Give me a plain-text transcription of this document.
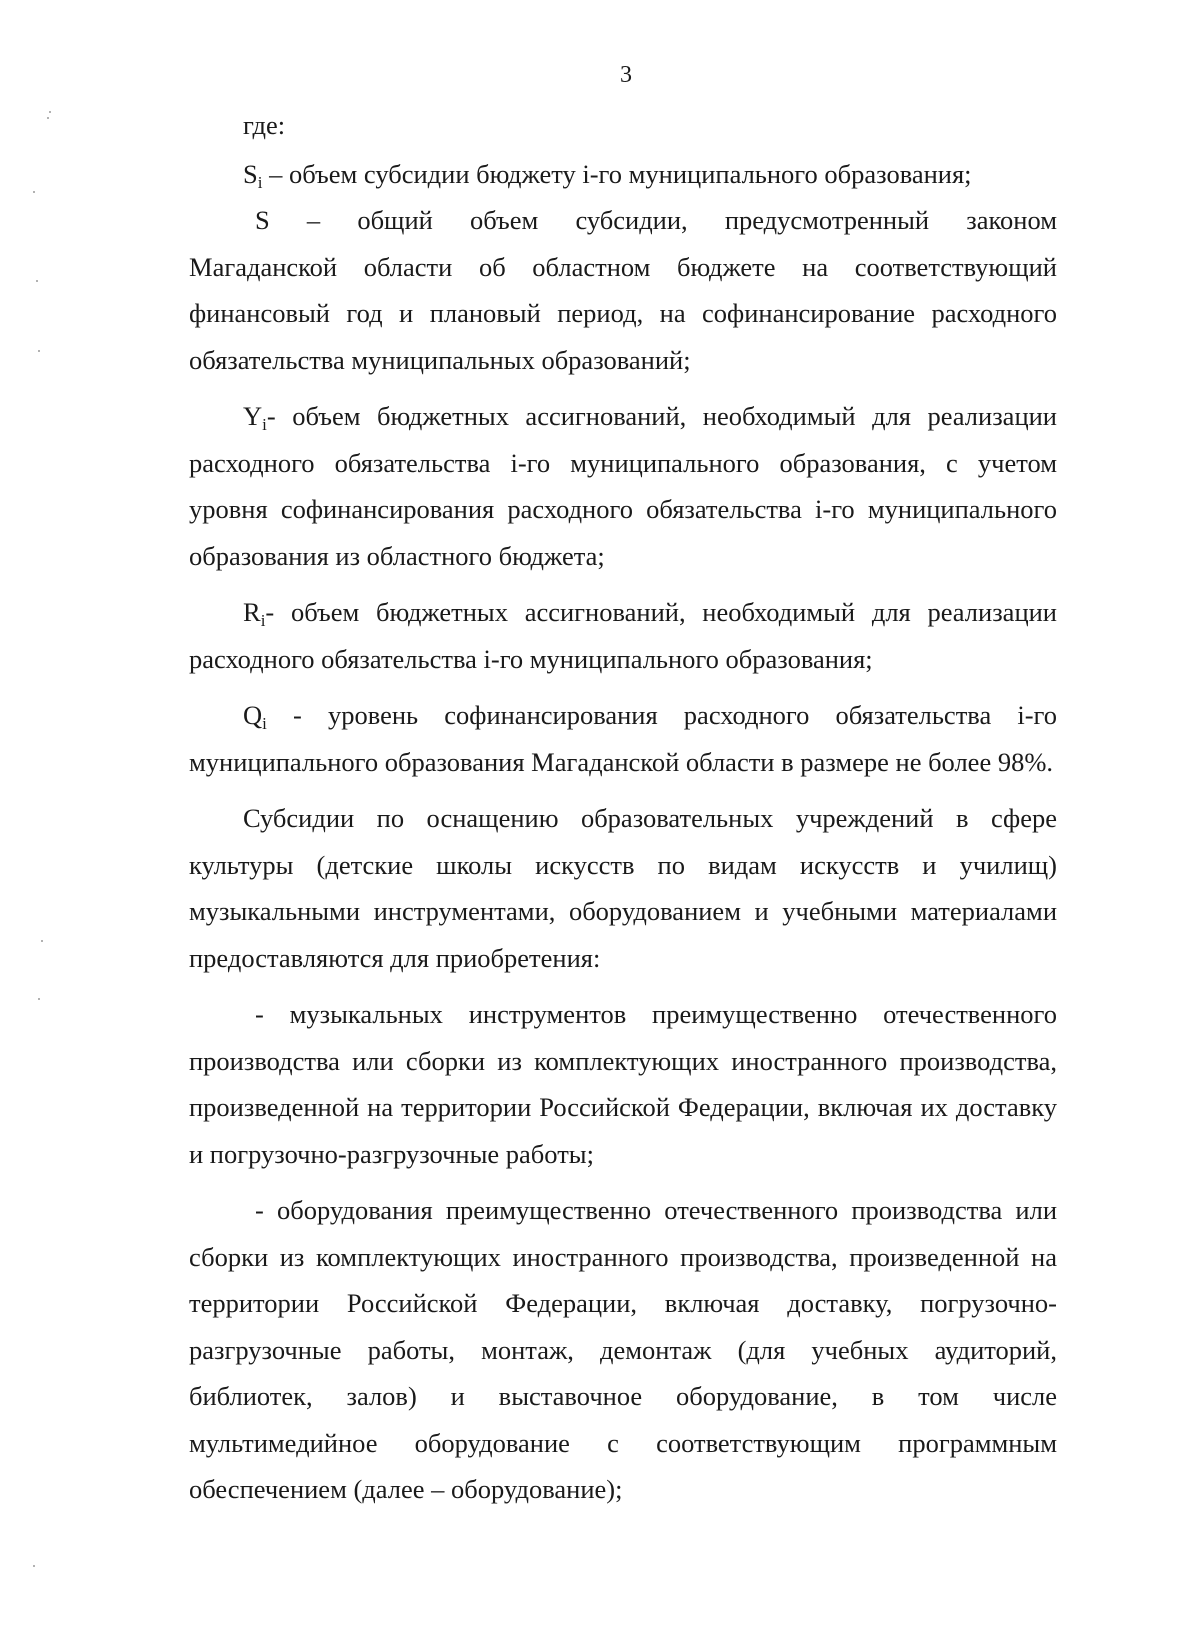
3

где:

$S_i$ – объем субсидии бюджету i-го муниципального образования;

S – общий объем субсидии, предусмотренный законом

Магаданской области об областном бюджете на соответствующий финансовый год и плановый период, на софинансирование расходного обязательства муниципальных образований;

$Y_i-$ объем бюджетных ассигнований, необходимый для реализации расходного обязательства i-го муниципального образования, с учетом уровня софинансирования расходного обязательства i-го муниципального образования из областного бюджета;

$R_i-$ объем бюджетных ассигнований, необходимый для реализации расходного обязательства i-го муниципального образования;

$Q_i$ - уровень софинансирования расходного обязательства i-го муниципального образования Магаданской области в размере не более 98%.

Субсидии по оснащению образовательных учреждений в сфере культуры (детские школы искусств по видам искусств и училищ) музыкальными инструментами, оборудованием и учебными материалами предоставляются для приобретения:

- музыкальных инструментов преимущественно отечественного производства или сборки из комплектующих иностранного производства, произведенной на территории Российской Федерации, включая их доставку и погрузочно-разгрузочные работы;

- оборудования преимущественно отечественного производства или сборки из комплектующих иностранного производства, произведенной на территории Российской Федерации, включая доставку, погрузочно-разгрузочные работы, монтаж, демонтаж (для учебных аудиторий, библиотек, залов) и выставочное оборудование, в том числе мультимедийное оборудование с соответствующим программным обеспечением (далее – оборудование);
